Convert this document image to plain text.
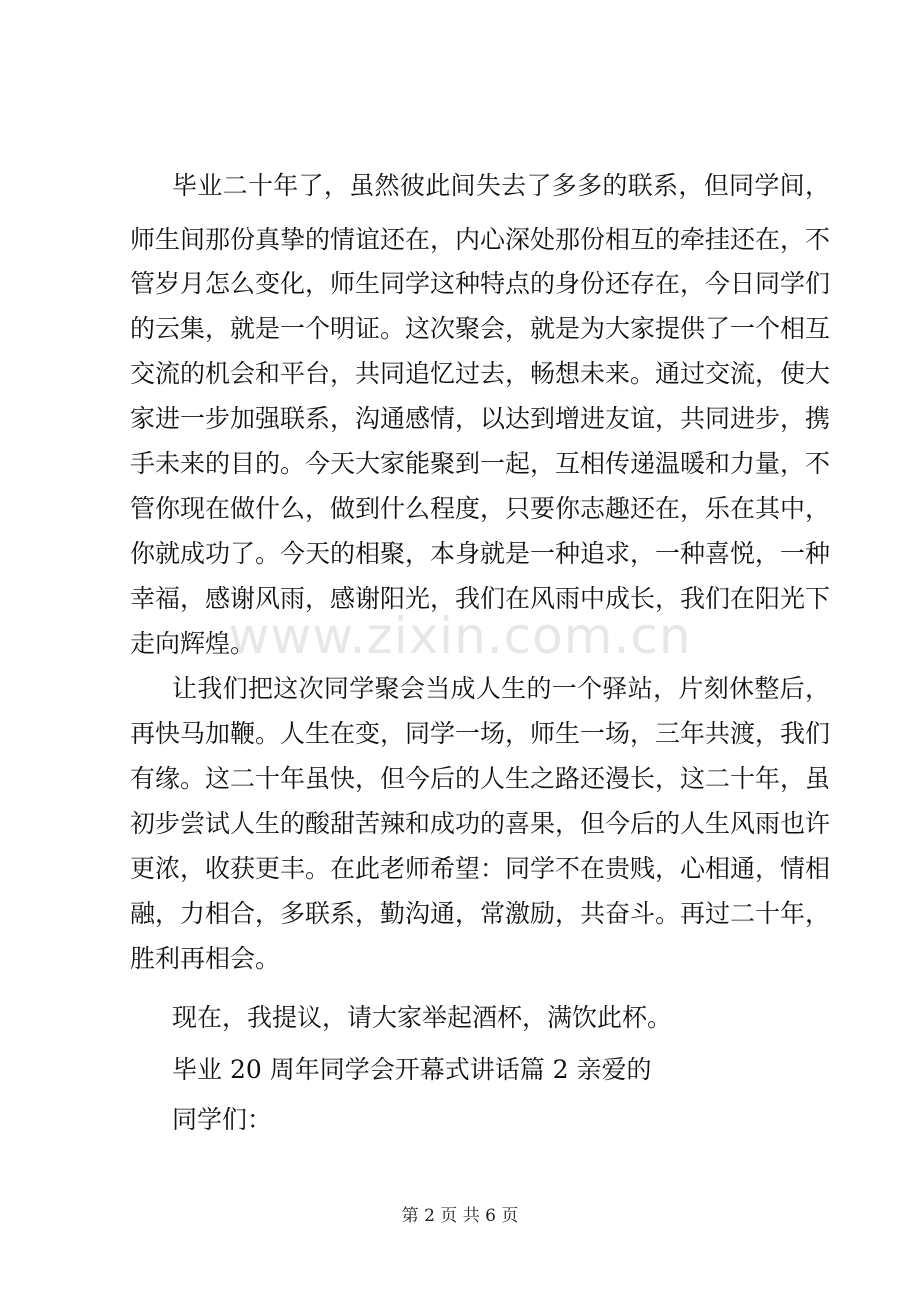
www.zixin.com.cn
毕业二十年了，虽然彼此间失去了多多的联系，但同学间，
师生间那份真挚的情谊还在，内心深处那份相互的牵挂还在，不
管岁月怎么变化，师生同学这种特点的身份还存在，今日同学们
的云集，就是一个明证。这次聚会，就是为大家提供了一个相互
交流的机会和平台，共同追忆过去，畅想未来。通过交流，使大
家进一步加强联系，沟通感情，以达到增进友谊，共同进步，携
手未来的目的。今天大家能聚到一起，互相传递温暖和力量，不
管你现在做什么，做到什么程度，只要你志趣还在，乐在其中，
你就成功了。今天的相聚，本身就是一种追求，一种喜悦，一种
幸福，感谢风雨，感谢阳光，我们在风雨中成长，我们在阳光下
走向辉煌。
让我们把这次同学聚会当成人生的一个驿站，片刻休整后，
再快马加鞭。人生在变，同学一场，师生一场，三年共渡，我们
有缘。这二十年虽快，但今后的人生之路还漫长，这二十年，虽
初步尝试人生的酸甜苦辣和成功的喜果，但今后的人生风雨也许
更浓，收获更丰。在此老师希望：同学不在贵贱，心相通，情相
融，力相合，多联系，勤沟通，常激励，共奋斗。再过二十年，
胜利再相会。
现在，我提议，请大家举起酒杯，满饮此杯。
毕业 20 周年同学会开幕式讲话篇 2 亲爱的
同学们：
第 2 页 共 6 页
